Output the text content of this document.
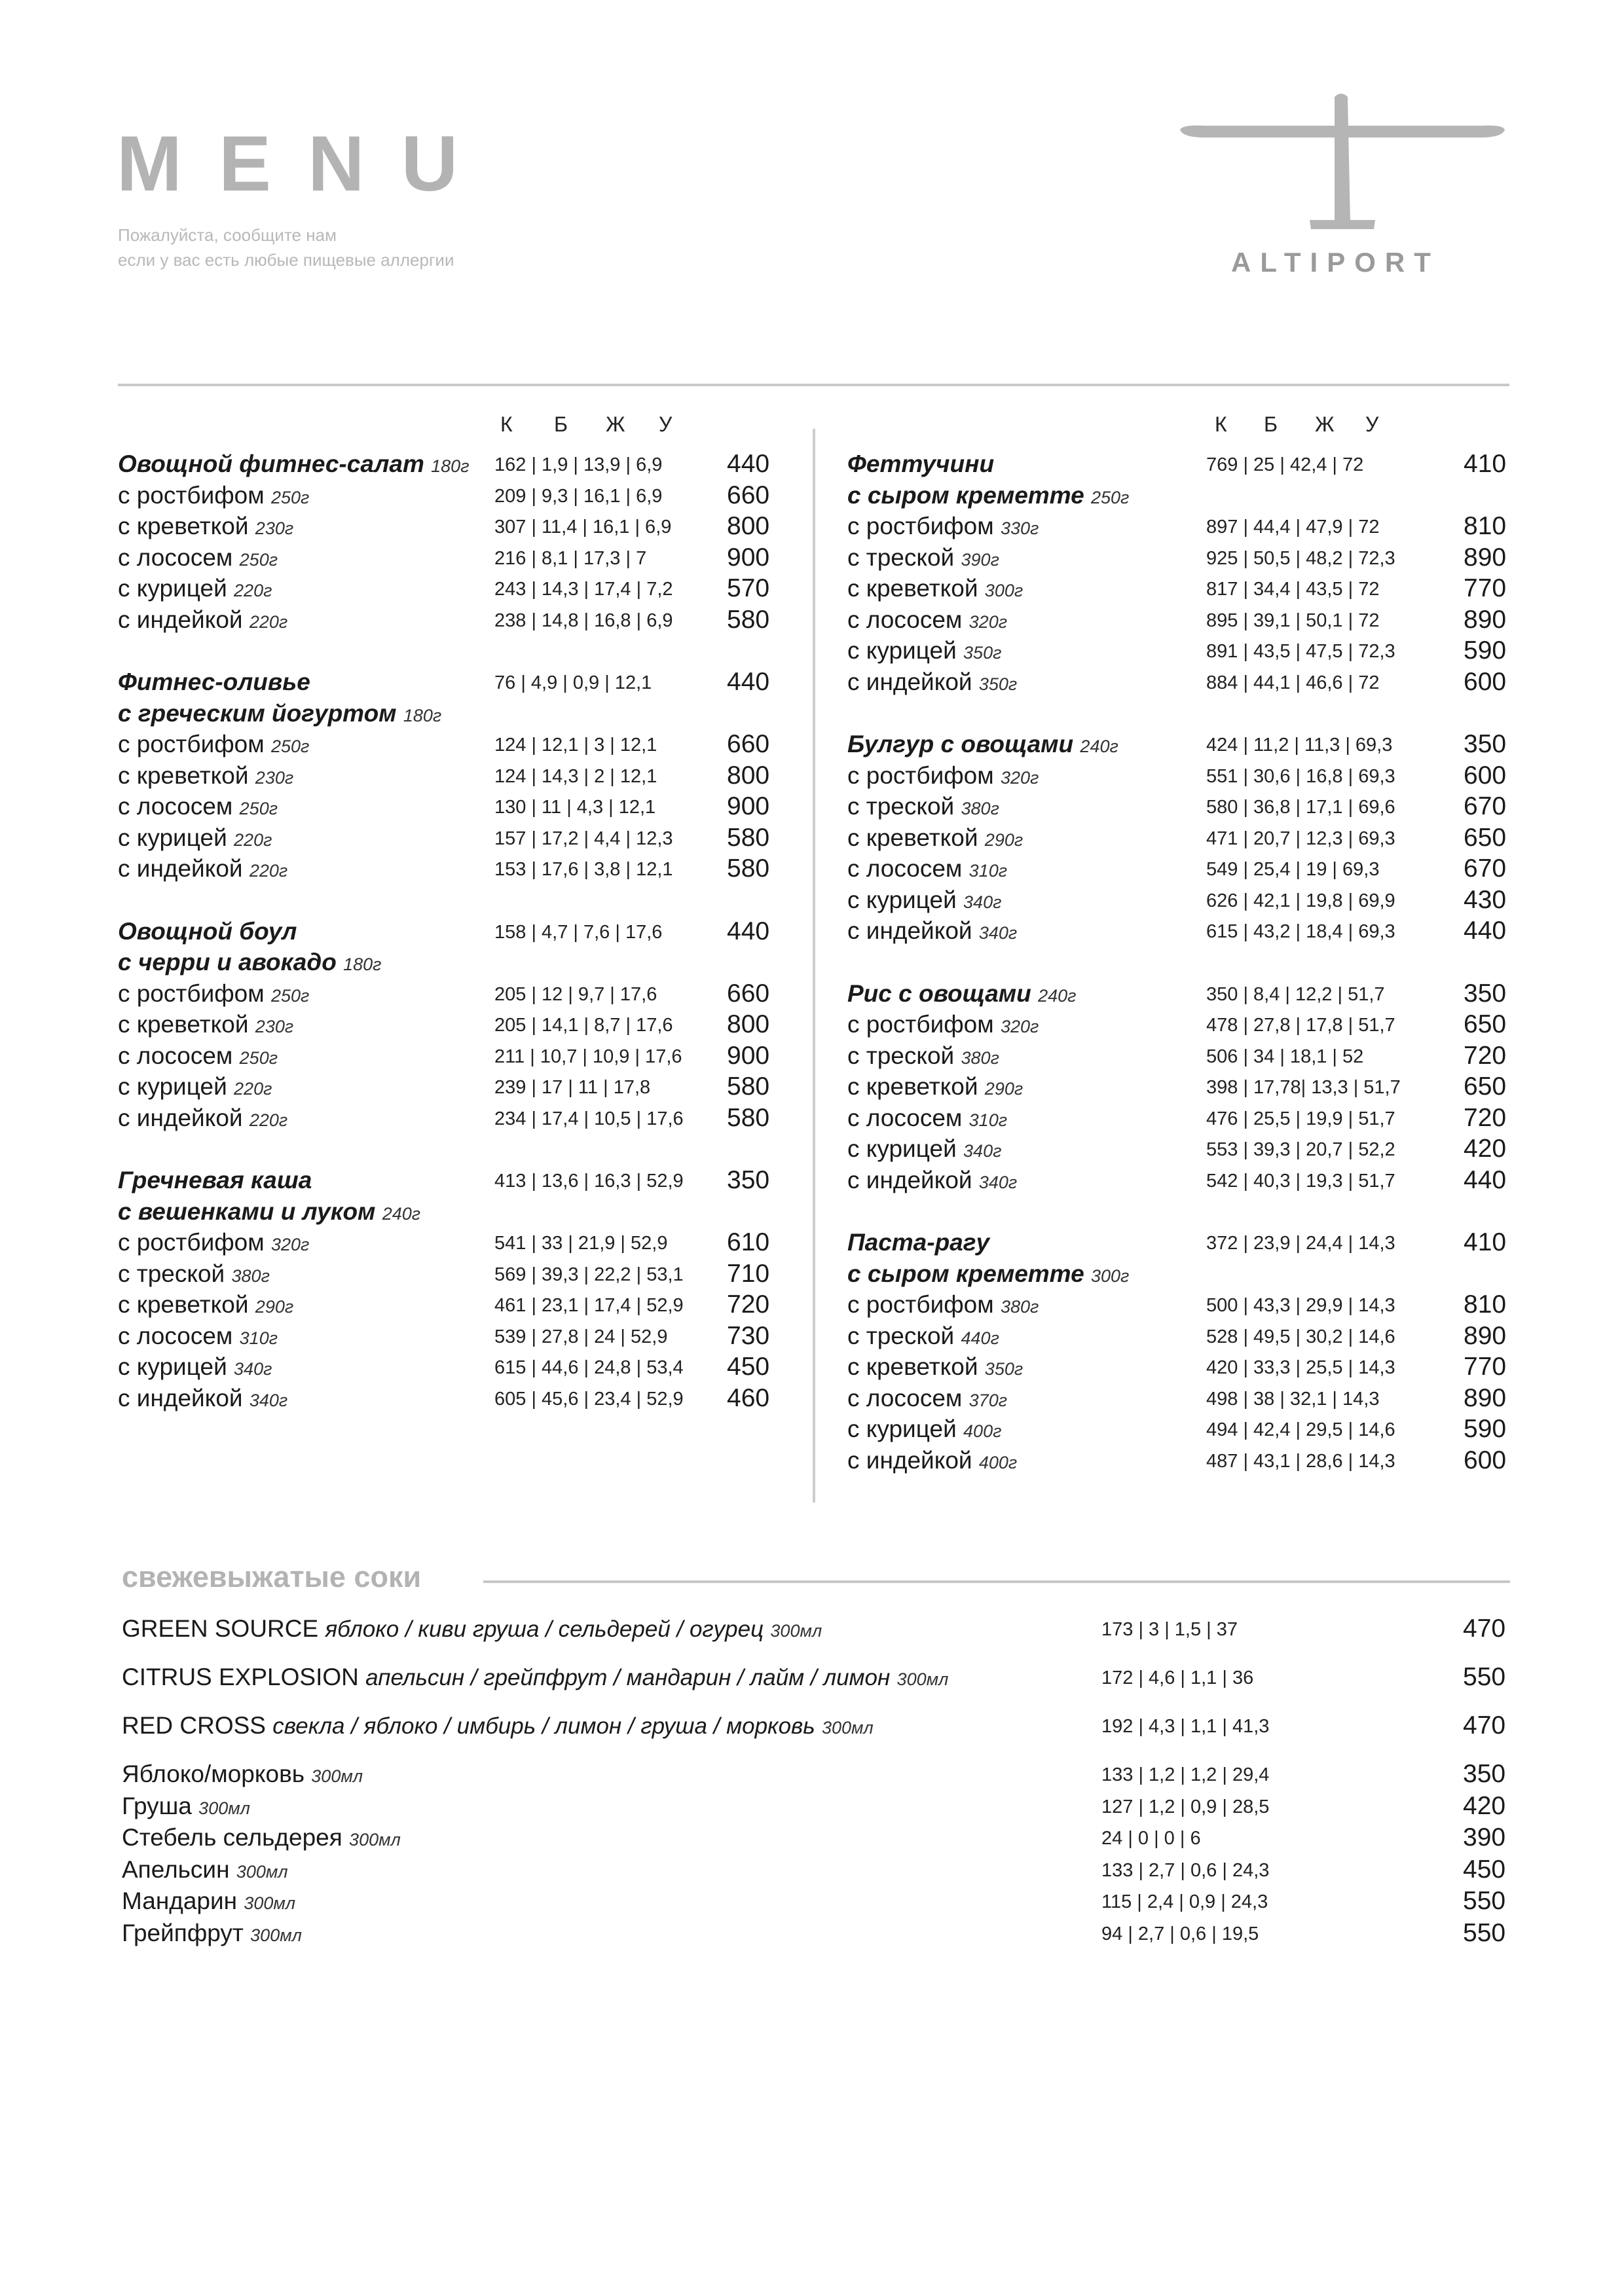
MENU
Пожалуйста, сообщите нам
если у вас есть любые пищевые аллергии	ALTIPORT
К Б Ж У
Овощной фитнес-салат 180г 162 | 1,9 | 13,9 | 6,9	440
с ростбифом 250г	209 | 9,3 | 16,1 | 6,9	660
с креветкой 230г	307 | 11,4 | 16,1 | 6,9 800
с лососем 250г	216 | 8,1 | 17,3 | 7	900
с курицей 220г	243 | 14,3 | 17,4 | 7,2 570
с индейкой 220г	238 | 14,8 | 16,8 | 6,9 580
Фитнес-оливье	76 | 4,9 | 0,9 | 12,1	440
с греческим йогуртом 180г
с ростбифом 250г	124 | 12,1 | 3 | 12,1	660
с креветкой 230г	124 | 14,3 | 2 | 12,1	800
с лососем 250г	130 | 11 | 4,3 | 12,1	900
с курицей 220г	157 | 17,2 | 4,4 | 12,3 580
с индейкой 220г	153 | 17,6 | 3,8 | 12,1 580
Овощной боул	158 | 4,7 | 7,6 | 17,6	440
с черри и авокадо 180г
с ростбифом 250г	205 | 12 | 9,7 | 17,6	660
с креветкой 230г	205 | 14,1 | 8,7 | 17,6 800
с лососем 250г	211 | 10,7 | 10,9 | 17,6 900
с курицей 220г	239 | 17 | 11 | 17,8	580
с индейкой 220г	234 | 17,4 | 10,5 | 17,6 580
Гречневая каша	413 | 13,6 | 16,3 | 52,9 350
с вешенками и луком 240г
с ростбифом 320г	541 | 33 | 21,9 | 52,9 610
с треской 380г	569 | 39,3 | 22,2 | 53,1 710
с креветкой 290г	461 | 23,1 | 17,4 | 52,9 720
с лососем 310г	539 | 27,8 | 24 | 52,9 730
с курицей 340г	615 | 44,6 | 24,8 | 53,4 450
с индейкой 340г	605 | 45,6 | 23,4 | 52,9 460
К Б Ж У
Феттучини	769 | 25 | 42,4 | 72	410
с сыром креметте 250г
с ростбифом 330г	897 | 44,4 | 47,9 | 72	810
с треской 390г	925 | 50,5 | 48,2 | 72,3	890
с креветкой 300г	817 | 34,4 | 43,5 | 72	770
с лососем 320г	895 | 39,1 | 50,1 | 72	890
с курицей 350г	891 | 43,5 | 47,5 | 72,3	590
с индейкой 350г	884 | 44,1 | 46,6 | 72	600
Булгур с овощами 240г	424 | 11,2 | 11,3 | 69,3	350
с ростбифом 320г	551 | 30,6 | 16,8 | 69,3	600
с треской 380г	580 | 36,8 | 17,1 | 69,6	670
с креветкой 290г	471 | 20,7 | 12,3 | 69,3	650
с лососем 310г	549 | 25,4 | 19 | 69,3	670
с курицей 340г	626 | 42,1 | 19,8 | 69,9	430
с индейкой 340г	615 | 43,2 | 18,4 | 69,3	440
Рис с овощами 240г	350 | 8,4 | 12,2 | 51,7	350
с ростбифом 320г	478 | 27,8 | 17,8 | 51,7	650
с треской 380г	506 | 34 | 18,1 | 52	720
с креветкой 290г	398 | 17,78| 13,3 | 51,7 650
с лососем 310г	476 | 25,5 | 19,9 | 51,7	720
с курицей 340г	553 | 39,3 | 20,7 | 52,2	420
с индейкой 340г	542 | 40,3 | 19,3 | 51,7	440
Паста-рагу	372 | 23,9 | 24,4 | 14,3	410
с сыром креметте 300г
с ростбифом 380г	500 | 43,3 | 29,9 | 14,3	810
с треской 440г	528 | 49,5 | 30,2 | 14,6	890
с креветкой 350г	420 | 33,3 | 25,5 | 14,3	770
с лососем 370г	498 | 38 | 32,1 | 14,3	890
с курицей 400г	494 | 42,4 | 29,5 | 14,6	590
с индейкой 400г	487 | 43,1 | 28,6 | 14,3	600
свежевыжатые соки
GREEN SOURCE яблоко / киви груша / сельдерей / огурец 300мл	173 | 3 | 1,5 | 37	470
CITRUS EXPLOSION апельсин / грейпфрут / мандарин / лайм / лимон 300мл	172 | 4,6 | 1,1 | 36	550
RED CROSS свекла / яблоко / имбирь / лимон / груша / морковь 300мл	192 | 4,3 | 1,1 | 41,3	470
Яблоко/морковь 300мл	133 | 1,2 | 1,2 | 29,4	350
Груша 300мл	127 | 1,2 | 0,9 | 28,5	420
Стебель сельдерея 300мл	24 | 0 | 0 | 6	390
Апельсин 300мл	133 | 2,7 | 0,6 | 24,3	450
Мандарин 300мл	115 | 2,4 | 0,9 | 24,3	550
Грейпфрут 300мл	94 | 2,7 | 0,6 | 19,5	550
